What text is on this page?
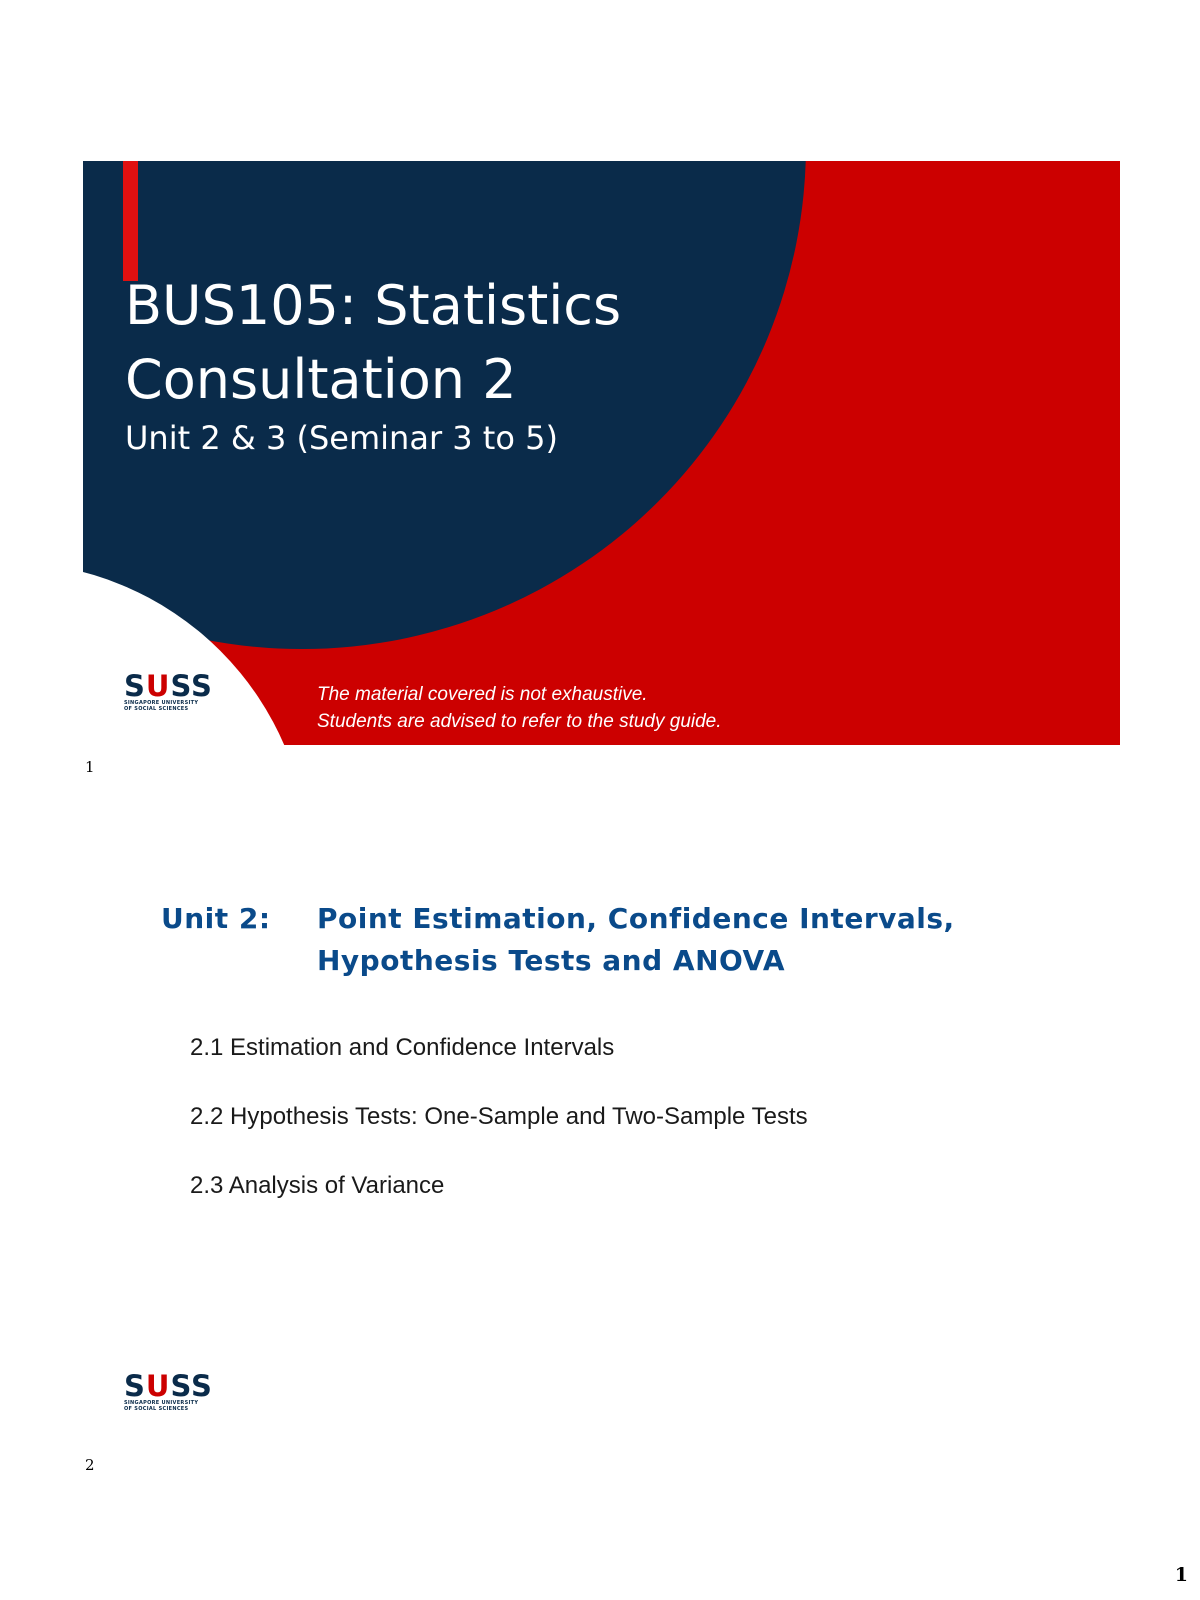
BUS105: Statistics Consultation 2
Unit 2 & 3 (Seminar 3 to 5)
SUSS
SINGAPORE UNIVERSITY
OF SOCIAL SCIENCES
The material covered is not exhaustive.
Students are advised to refer to the study guide.
1
Unit 2: Point Estimation, Confidence Intervals, Hypothesis Tests and ANOVA
2.1 Estimation and Confidence Intervals
2.2 Hypothesis Tests: One-Sample and Two-Sample Tests
2.3 Analysis of Variance
SUSS
SINGAPORE UNIVERSITY
OF SOCIAL SCIENCES
2
1
